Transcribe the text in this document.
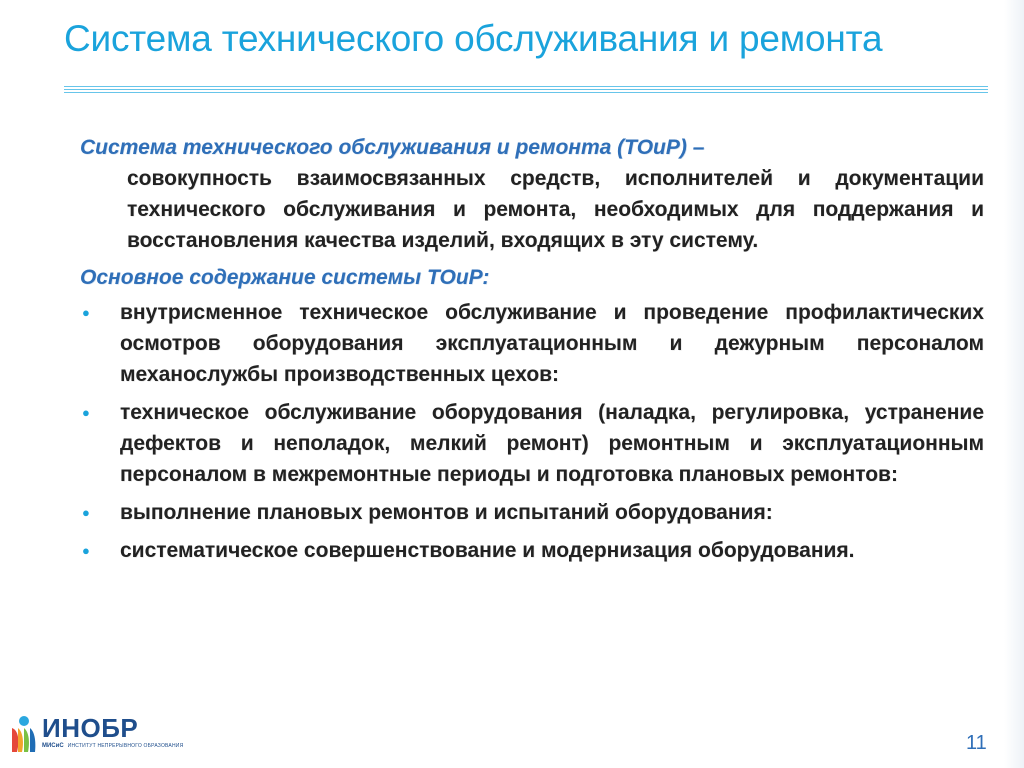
Система технического обслуживания и ремонта

Система технического обслуживания и ремонта (ТОиР) –

совокупность взаимосвязанных средств, исполнителей и документации технического обслуживания и ремонта, необходимых для поддержания и восстановления качества изделий, входящих в эту систему.

Основное содержание системы ТОиР:

●	внутрисменное техническое обслуживание и проведение профилактических осмотров оборудования эксплуатационным и дежурным персоналом механослужбы производственных цехов:
●	техническое обслуживание оборудования (наладка, регулировка, устранение дефектов и неполадок, мелкий ремонт) ремонтным и эксплуатационным персоналом в межремонтные периоды и подготовка плановых ремонтов:
●	выполнение плановых ремонтов и испытаний оборудования:
●	систематическое совершенствование и модернизация оборудования.
ИНОБР
МИСиС ИНСТИТУТ НЕПРЕРЫВНОГО ОБРАЗОВАНИЯ	11
